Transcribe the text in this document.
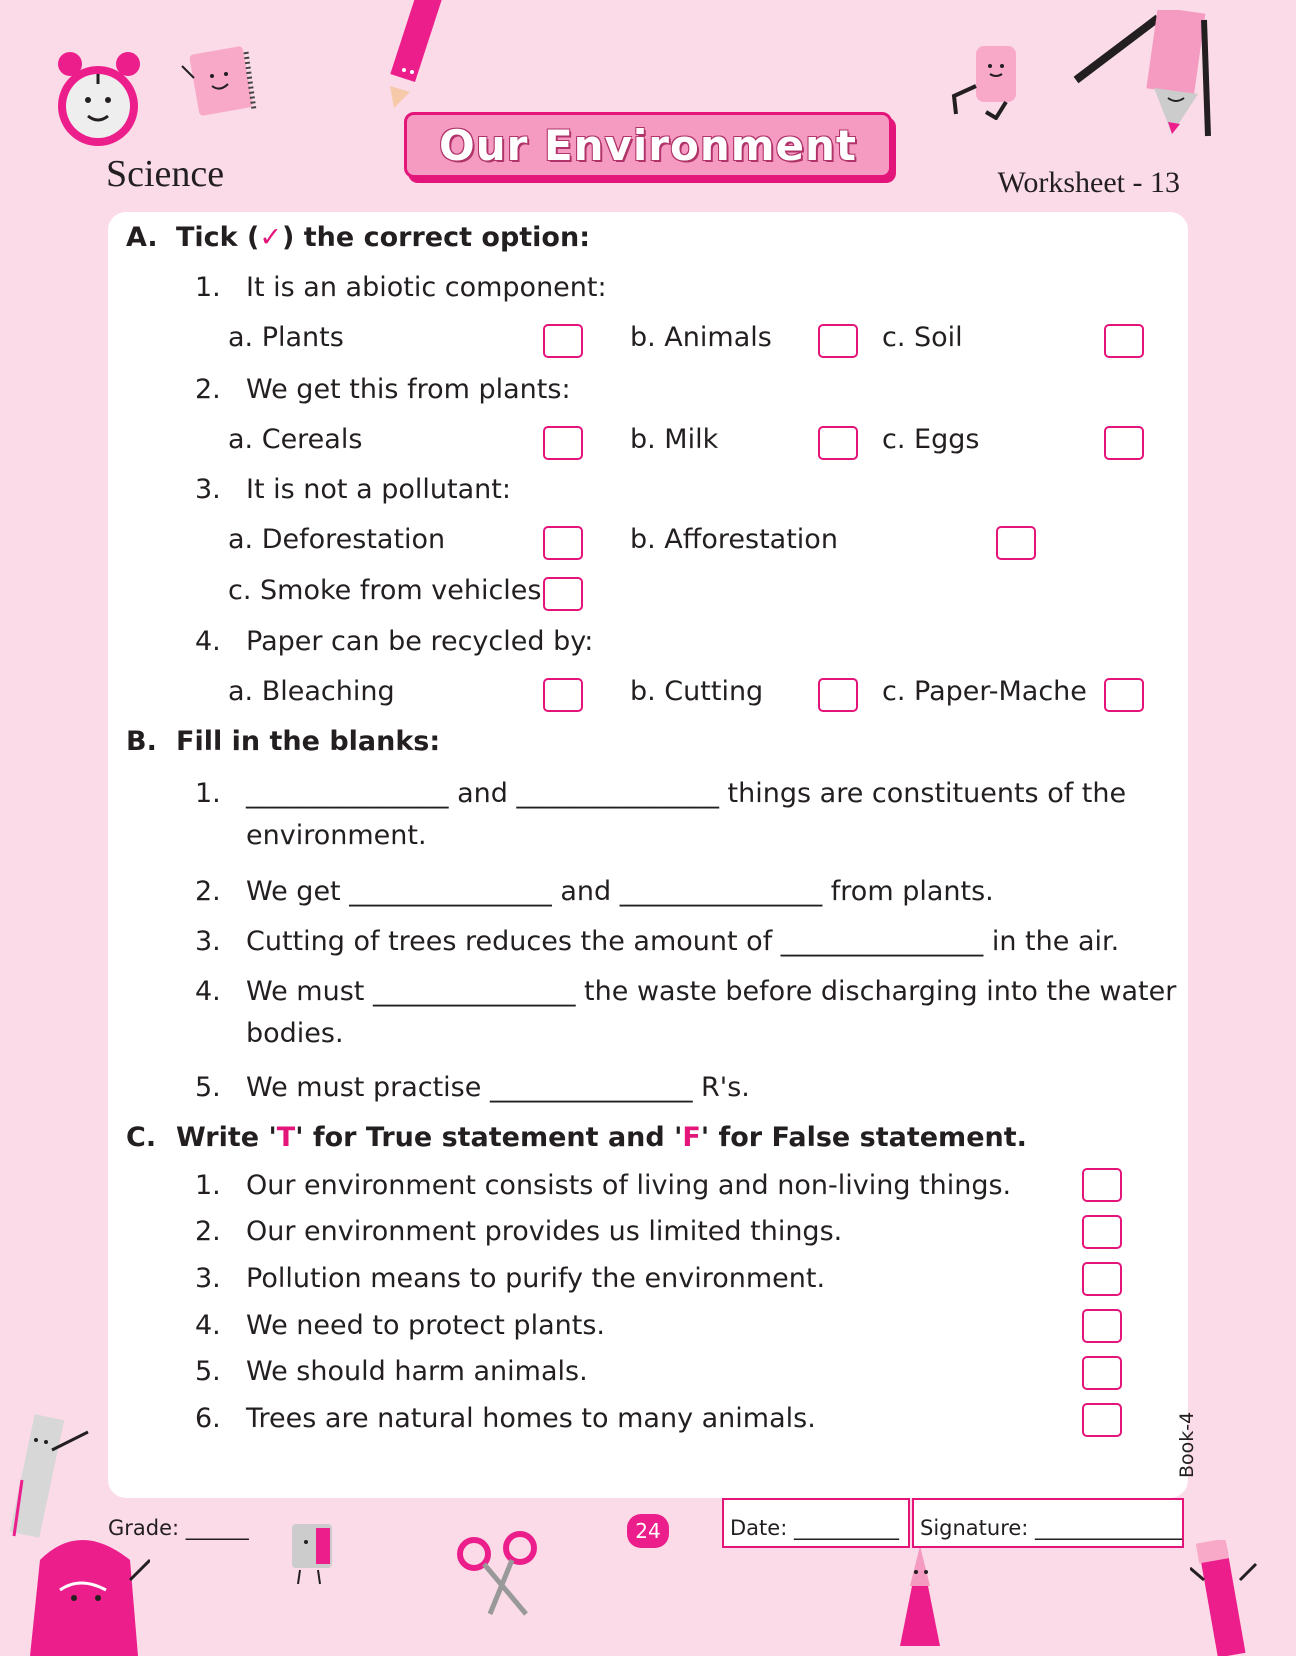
Science
Our Environment
Worksheet - 13
A. Tick (✓) the correct option:
1. It is an abiotic component:
a. Plants	b. Animals	c. Soil
2. We get this from plants:
a. Cereals	b. Milk	c. Eggs
3. It is not a pollutant:
a. Deforestation	b. Afforestation
c. Smoke from vehicles
4. Paper can be recycled by:
a. Bleaching	b. Cutting	c. Paper-Mache
B. Fill in the blanks:
1. _______________ and _______________ things are constituents of the
environment.
2. We get _______________ and _______________ from plants.
3. Cutting of trees reduces the amount of _______________ in the air.
4. We must _______________ the waste before discharging into the water
bodies.
5. We must practise _______________ R's.
C. Write 'T' for True statement and 'F' for False statement.
1. Our environment consists of living and non-living things.
2. Our environment provides us limited things.
3. Pollution means to purify the environment.
4. We need to protect plants.
5. We should harm animals.
6. Trees are natural homes to many animals.	Book-4
Grade: ______	24	Date: __________	Signature: ______________
